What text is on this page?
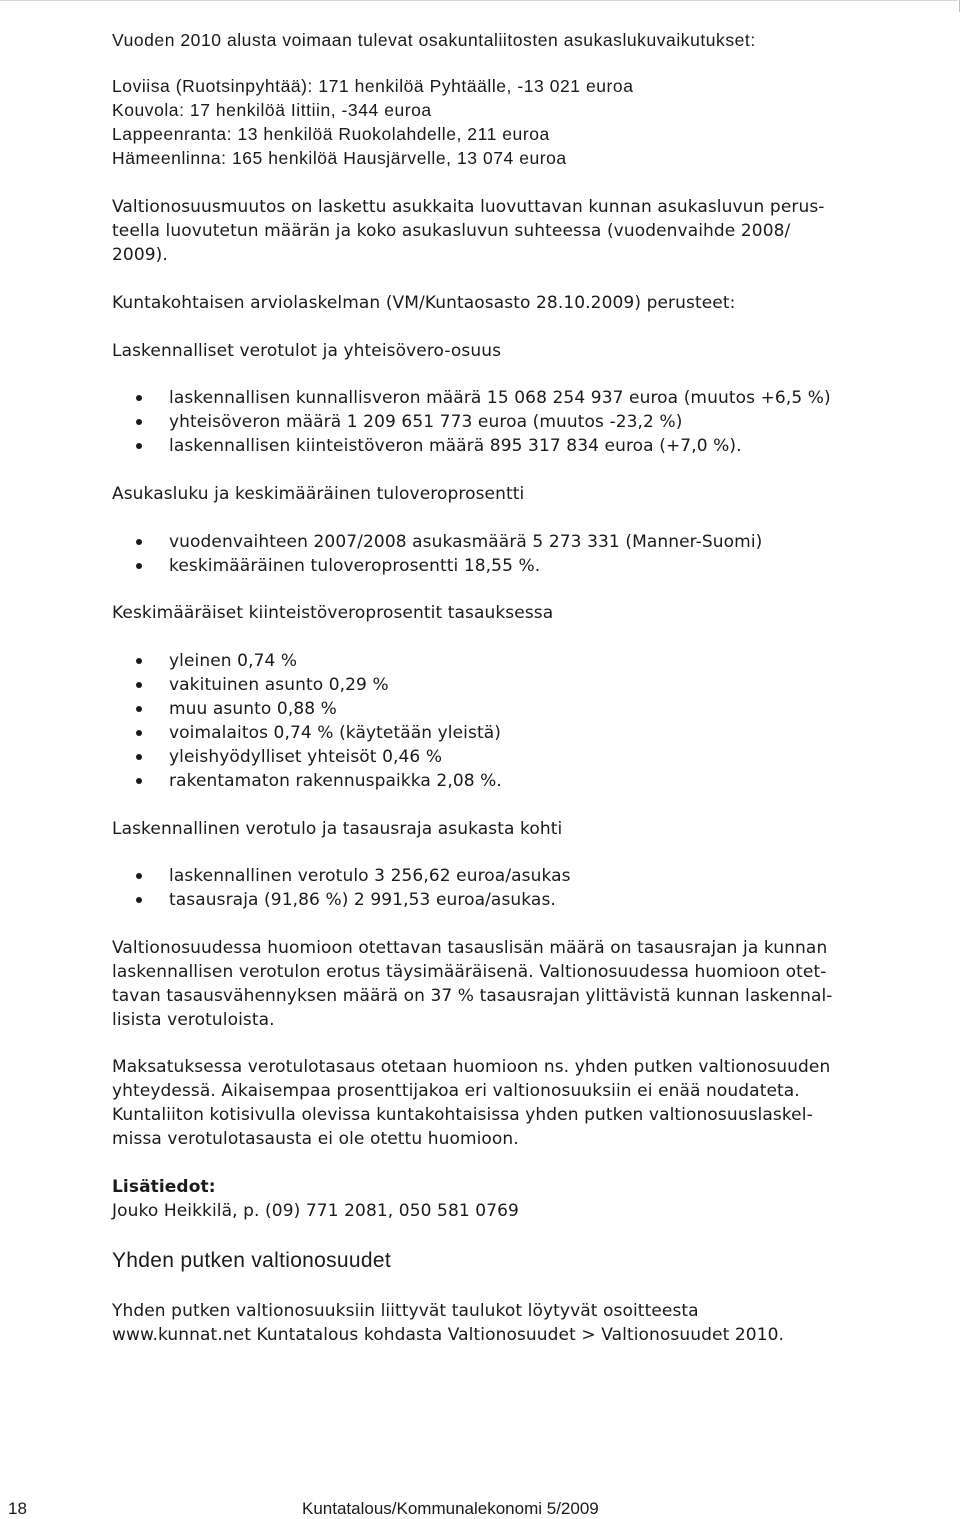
Vuoden 2010 alusta voimaan tulevat osakuntaliitosten asukaslukuvaikutukset:
Loviisa (Ruotsinpyhtää): 171 henkilöä Pyhtäälle, -13 021 euroa
Kouvola: 17 henkilöä Iittiin, -344 euroa
Lappeenranta: 13 henkilöä Ruokolahdelle, 211 euroa
Hämeenlinna: 165 henkilöä Hausjärvelle, 13 074 euroa
Valtionosuusmuutos on laskettu asukkaita luovuttavan kunnan asukasluvun perus-
teella luovutetun määrän ja koko asukasluvun suhteessa (vuodenvaihde 2008/
2009).
Kuntakohtaisen arviolaskelman (VM/Kuntaosasto 28.10.2009) perusteet:
Laskennalliset verotulot ja yhteisövero-osuus
laskennallisen kunnallisveron määrä 15 068 254 937 euroa (muutos +6,5 %)
yhteisöveron määrä 1 209 651 773 euroa (muutos -23,2 %)
laskennallisen kiinteistöveron määrä 895 317 834 euroa (+7,0 %).
Asukasluku ja keskimääräinen tuloveroprosentti
vuodenvaihteen 2007/2008 asukasmäärä 5 273 331 (Manner-Suomi)
keskimääräinen tuloveroprosentti 18,55 %.
Keskimääräiset kiinteistöveroprosentit tasauksessa
yleinen 0,74 %
vakituinen asunto 0,29 %
muu asunto 0,88 %
voimalaitos 0,74 % (käytetään yleistä)
yleishyödylliset yhteisöt 0,46 %
rakentamaton rakennuspaikka 2,08 %.
Laskennallinen verotulo ja tasausraja asukasta kohti
laskennallinen verotulo 3 256,62 euroa/asukas
tasausraja (91,86 %) 2 991,53 euroa/asukas.
Valtionosuudessa huomioon otettavan tasauslisän määrä on tasausrajan ja kunnan
laskennallisen verotulon erotus täysimääräisenä. Valtionosuudessa huomioon otet-
tavan tasausvähennyksen määrä on 37 % tasausrajan ylittävistä kunnan laskennal-
lisista verotuloista.
Maksatuksessa verotulotasaus otetaan huomioon ns. yhden putken valtionosuuden
yhteydessä. Aikaisempaa prosenttijakoa eri valtionosuuksiin ei enää noudateta.
Kuntaliiton kotisivulla olevissa kuntakohtaisissa yhden putken valtionosuuslaskel-
missa verotulotasausta ei ole otettu huomioon.
Lisätiedot:
Jouko Heikkilä, p. (09) 771 2081, 050 581 0769
Yhden putken valtionosuudet
Yhden putken valtionosuuksiin liittyvät taulukot löytyvät osoitteesta
www.kunnat.net Kuntatalous kohdasta Valtionosuudet > Valtionosuudet 2010.
18	Kuntatalous/Kommunalekonomi 5/2009
